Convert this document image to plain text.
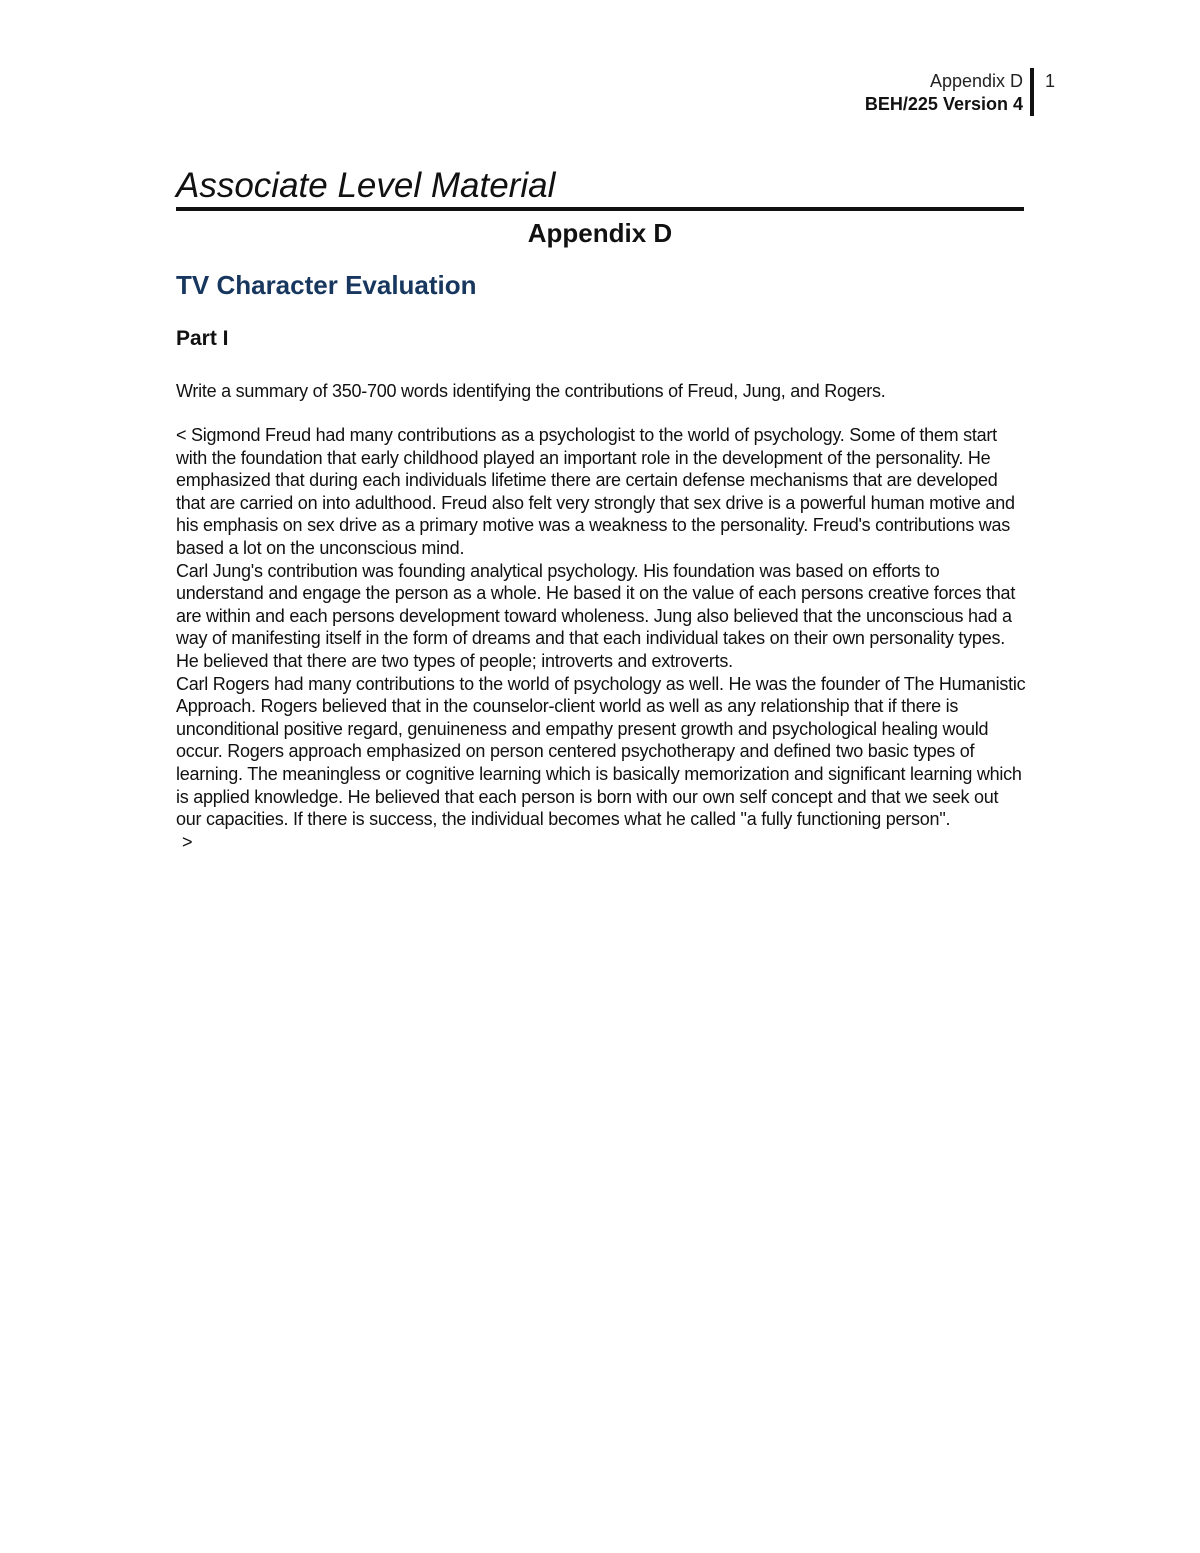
Appendix D
BEH/225 Version 4
1
Associate Level Material
Appendix D
TV Character Evaluation
Part I
Write a summary of 350-700 words identifying the contributions of Freud, Jung, and Rogers.

< Sigmond Freud had many contributions as a psychologist to the world of psychology. Some of them start with the foundation that early childhood played an important role in the development of the personality. He emphasized that during each individuals lifetime there are certain defense mechanisms that are developed that are carried on into adulthood. Freud also felt very strongly that sex drive is a powerful human motive and his emphasis on sex drive as a primary motive was a weakness to the personality. Freud's contributions was based a lot on the unconscious mind.

Carl Jung's contribution was founding analytical psychology. His foundation was based on efforts to understand and engage the person as a whole. He based it on the value of each persons creative forces that are within and each persons development toward wholeness. Jung also believed that the unconscious had a way of manifesting itself in the form of dreams and that each individual takes on their own personality types. He believed that there are two types of people; introverts and extroverts.

Carl Rogers had many contributions to the world of psychology as well. He was the founder of The Humanistic Approach. Rogers believed that in the counselor-client world as well as any relationship that if there is unconditional positive regard, genuineness and empathy present growth and psychological healing would occur. Rogers approach emphasized on person centered psychotherapy and defined two basic types of learning. The meaningless or cognitive learning which is basically memorization and significant learning which is applied knowledge. He believed that each person is born with our own self concept and that we seek out our capacities. If there is success, the individual becomes what he called "a fully functioning person".

>
